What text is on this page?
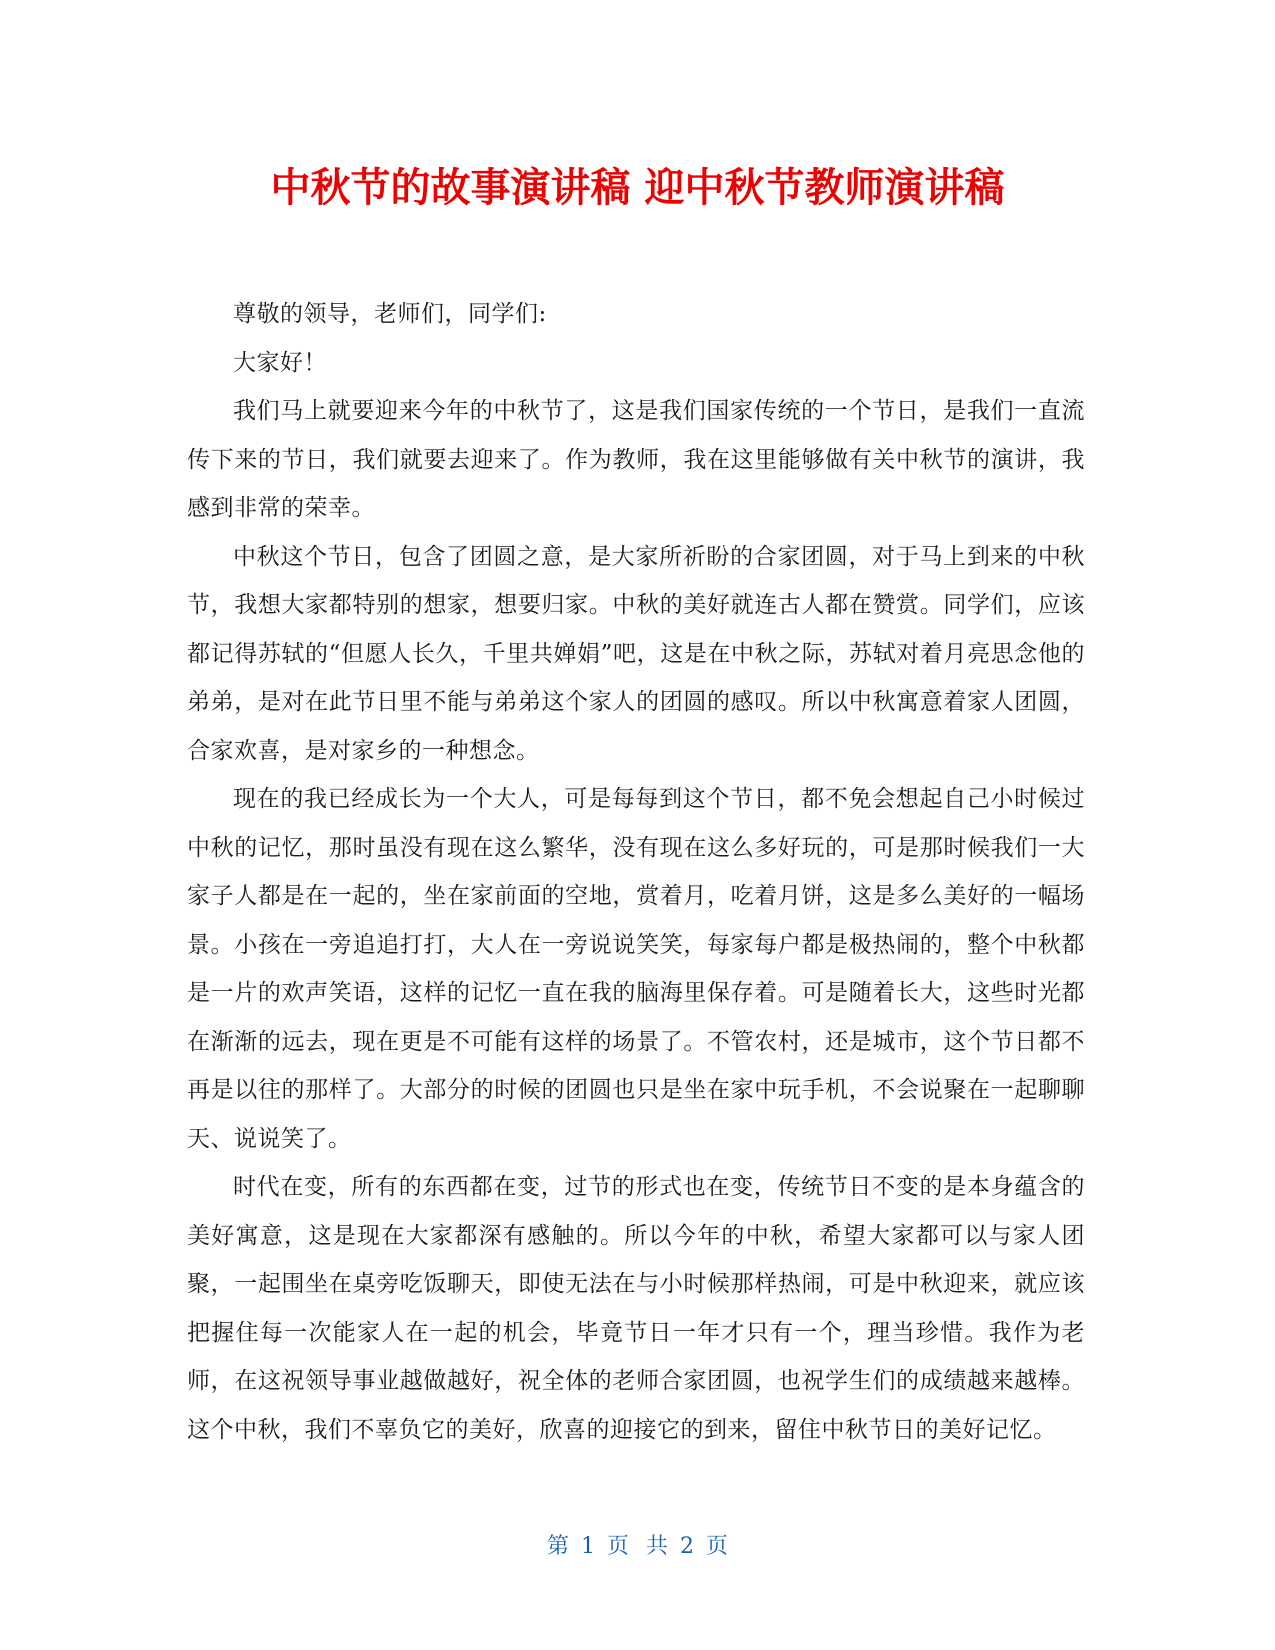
中秋节的故事演讲稿 迎中秋节教师演讲稿

尊敬的领导，老师们，同学们:

大家好！

我们马上就要迎来今年的中秋节了，这是我们国家传统的一个节日，是我们一直流传下来的节日，我们就要去迎来了。作为教师，我在这里能够做有关中秋节的演讲，我感到非常的荣幸。

中秋这个节日，包含了团圆之意，是大家所祈盼的合家团圆，对于马上到来的中秋节，我想大家都特别的想家，想要归家。中秋的美好就连古人都在赞赏。同学们，应该都记得苏轼的“但愿人长久，千里共婵娟”吧，这是在中秋之际，苏轼对着月亮思念他的弟弟，是对在此节日里不能与弟弟这个家人的团圆的感叹。所以中秋寓意着家人团圆，合家欢喜，是对家乡的一种想念。

现在的我已经成长为一个大人，可是每每到这个节日，都不免会想起自己小时候过中秋的记忆，那时虽没有现在这么繁华，没有现在这么多好玩的，可是那时候我们一大家子人都是在一起的，坐在家前面的空地，赏着月，吃着月饼，这是多么美好的一幅场景。小孩在一旁追追打打，大人在一旁说说笑笑，每家每户都是极热闹的，整个中秋都是一片的欢声笑语，这样的记忆一直在我的脑海里保存着。可是随着长大，这些时光都在渐渐的远去，现在更是不可能有这样的场景了。不管农村，还是城市，这个节日都不再是以往的那样了。大部分的时候的团圆也只是坐在家中玩手机，不会说聚在一起聊聊天、说说笑了。

时代在变，所有的东西都在变，过节的形式也在变，传统节日不变的是本身蕴含的美好寓意，这是现在大家都深有感触的。所以今年的中秋，希望大家都可以与家人团聚，一起围坐在桌旁吃饭聊天，即使无法在与小时候那样热闹，可是中秋迎来，就应该把握住每一次能家人在一起的机会，毕竟节日一年才只有一个，理当珍惜。我作为老师，在这祝领导事业越做越好，祝全体的老师合家团圆，也祝学生们的成绩越来越棒。这个中秋，我们不辜负它的美好，欣喜的迎接它的到来，留住中秋节日的美好记忆。

第 1 页 共 2 页
